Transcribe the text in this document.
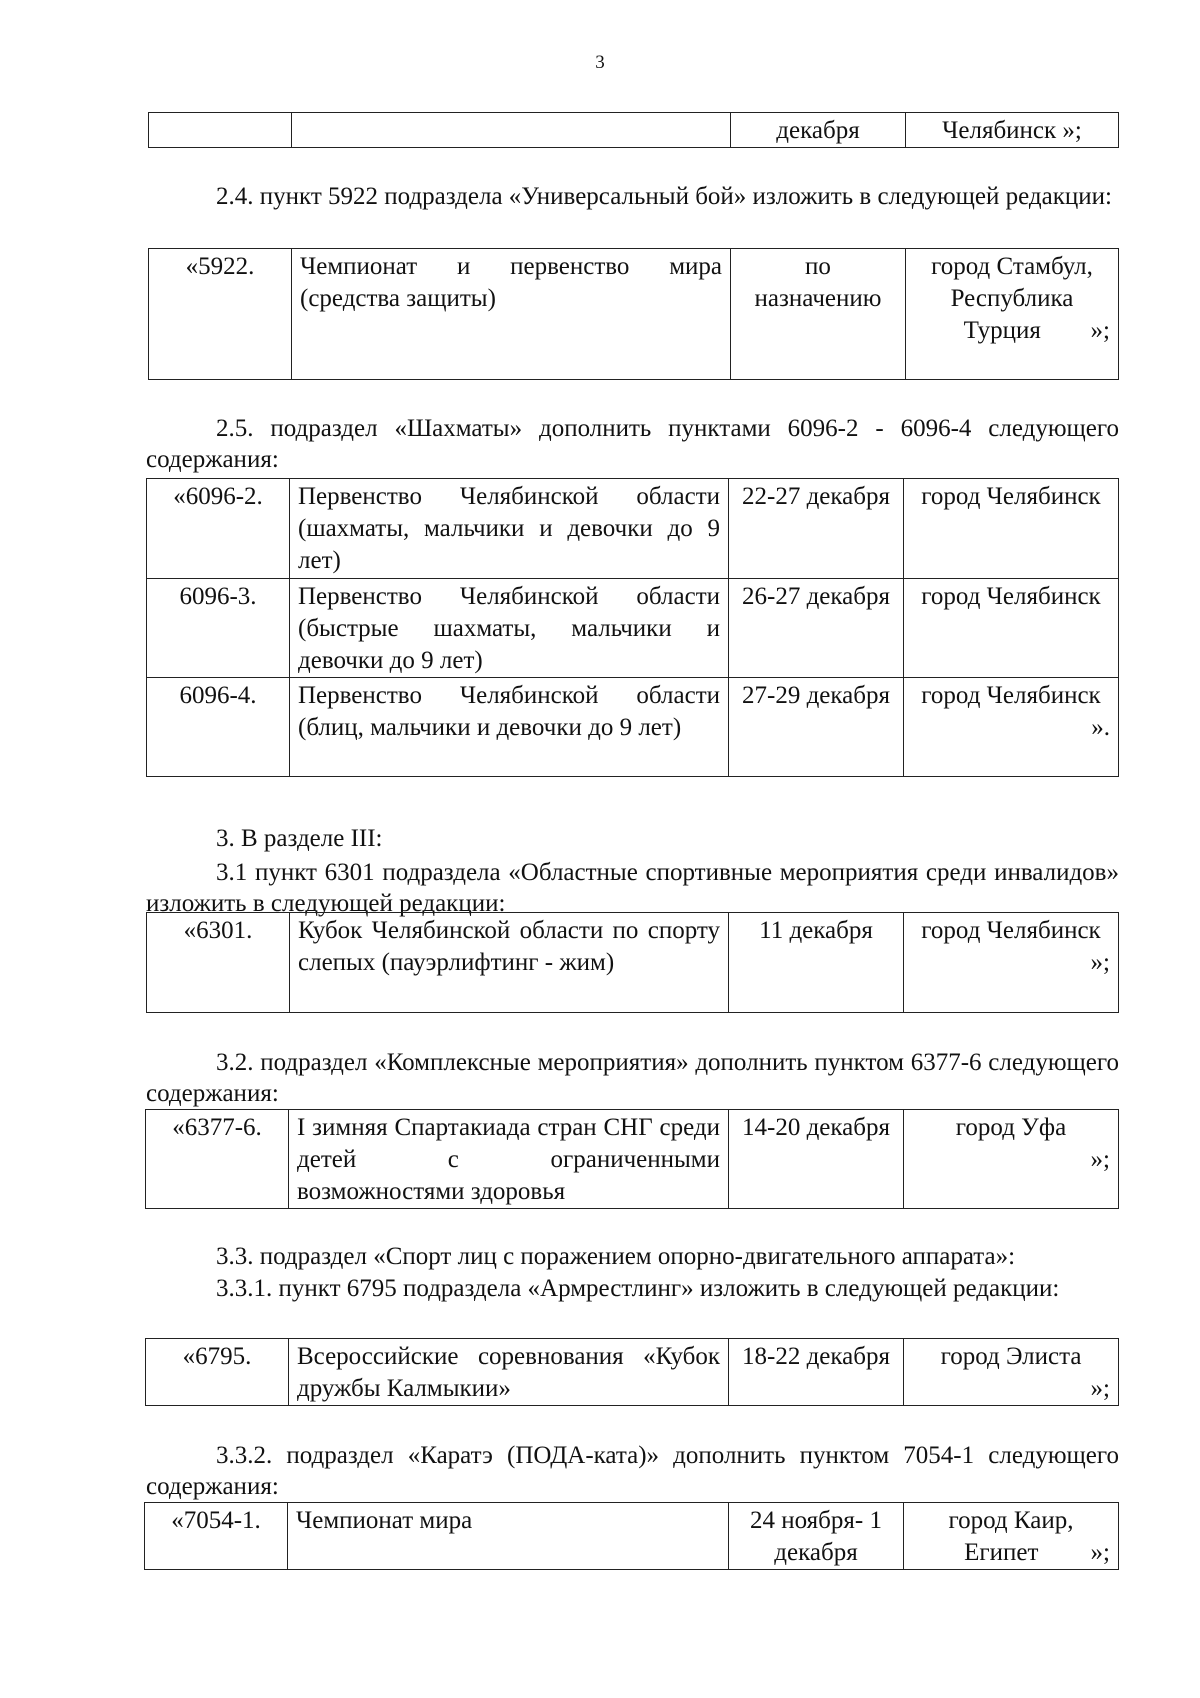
3
		декабря	Челябинск »;

2.4. пункт 5922 подраздела «Универсальный бой» изложить в следующей редакции:

«5922.	Чемпионат и первенство мира (средства защиты)	по назначению	город Стамбул, Республика Турция »;

2.5. подраздел «Шахматы» дополнить пунктами 6096-2 - 6096-4 следующего содержания:

«6096-2.	Первенство Челябинской области (шахматы, мальчики и девочки до 9 лет)	22-27 декабря	город Челябинск
6096-3.	Первенство Челябинской области (быстрые шахматы, мальчики и девочки до 9 лет)	26-27 декабря	город Челябинск
6096-4.	Первенство Челябинской области (блиц, мальчики и девочки до 9 лет)	27-29 декабря	город Челябинск
».

3. В разделе III:

3.1 пункт 6301 подраздела «Областные спортивные мероприятия среди инвалидов» изложить в следующей редакции:

«6301.	Кубок Челябинской области по спорту слепых (пауэрлифтинг - жим)	11 декабря	город Челябинск
»;

3.2. подраздел «Комплексные мероприятия» дополнить пунктом 6377-6 следующего содержания:

«6377-6.	I зимняя Спартакиада стран СНГ среди детей с ограниченными возможностями здоровья	14-20 декабря	город Уфа
»;

3.3. подраздел «Спорт лиц с поражением опорно-двигательного аппарата»:

3.3.1. пункт 6795 подраздела «Армрестлинг» изложить в следующей редакции:

«6795.	Всероссийские соревнования «Кубок дружбы Калмыкии»	18-22 декабря	город Элиста
»;

3.3.2. подраздел «Каратэ (ПОДА-ката)» дополнить пунктом 7054-1 следующего содержания:

«7054-1.	Чемпионат мира	24 ноября- 1 декабря	город Каир, Египет »;
